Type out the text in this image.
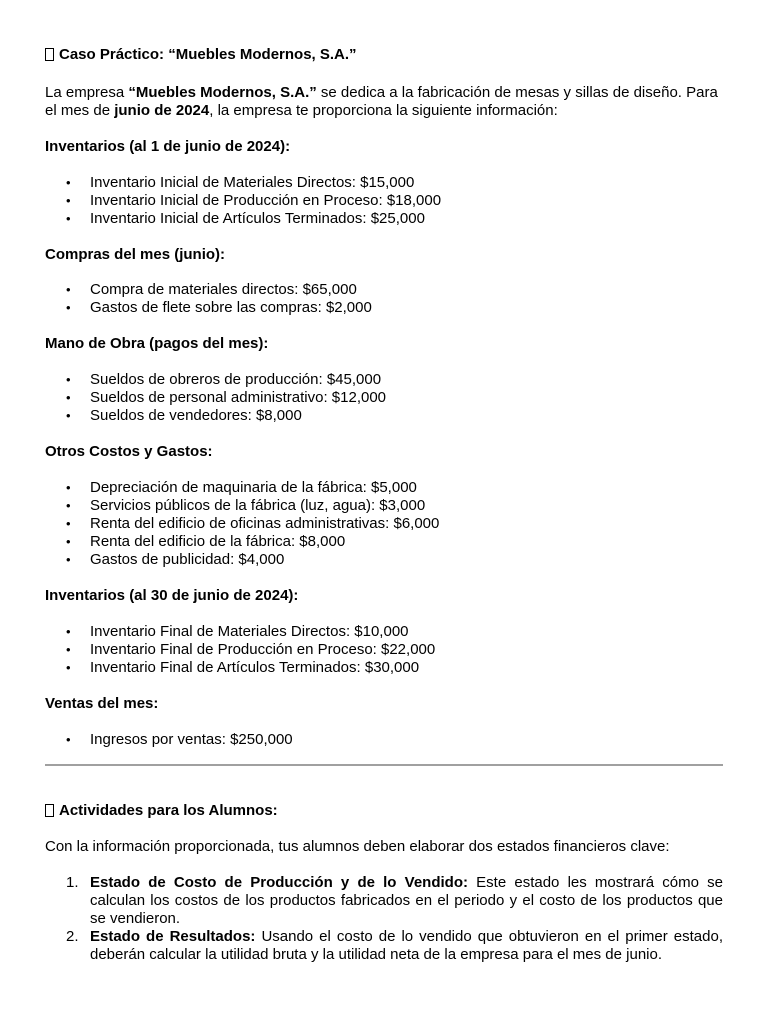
Caso Práctico: “Muebles Modernos, S.A.”
La empresa “Muebles Modernos, S.A.” se dedica a la fabricación de mesas y sillas de diseño. Para
el mes de junio de 2024, la empresa te proporciona la siguiente información:
Inventarios (al 1 de junio de 2024):
• Inventario Inicial de Materiales Directos: $15,000
• Inventario Inicial de Producción en Proceso: $18,000
• Inventario Inicial de Artículos Terminados: $25,000
Compras del mes (junio):
• Compra de materiales directos: $65,000
• Gastos de flete sobre las compras: $2,000
Mano de Obra (pagos del mes):
• Sueldos de obreros de producción: $45,000
• Sueldos de personal administrativo: $12,000
• Sueldos de vendedores: $8,000
Otros Costos y Gastos:
• Depreciación de maquinaria de la fábrica: $5,000
• Servicios públicos de la fábrica (luz, agua): $3,000
• Renta del edificio de oficinas administrativas: $6,000
• Renta del edificio de la fábrica: $8,000
• Gastos de publicidad: $4,000
Inventarios (al 30 de junio de 2024):
• Inventario Final de Materiales Directos: $10,000
• Inventario Final de Producción en Proceso: $22,000
• Inventario Final de Artículos Terminados: $30,000
Ventas del mes:
• Ingresos por ventas: $250,000
Actividades para los Alumnos:
Con la información proporcionada, tus alumnos deben elaborar dos estados financieros clave:
1. Estado de Costo de Producción y de lo Vendido: Este estado les mostrará cómo se calculan los costos de los productos fabricados en el periodo y el costo de los productos que se vendieron.
2. Estado de Resultados: Usando el costo de lo vendido que obtuvieron en el primer estado, deberán calcular la utilidad bruta y la utilidad neta de la empresa para el mes de junio.
